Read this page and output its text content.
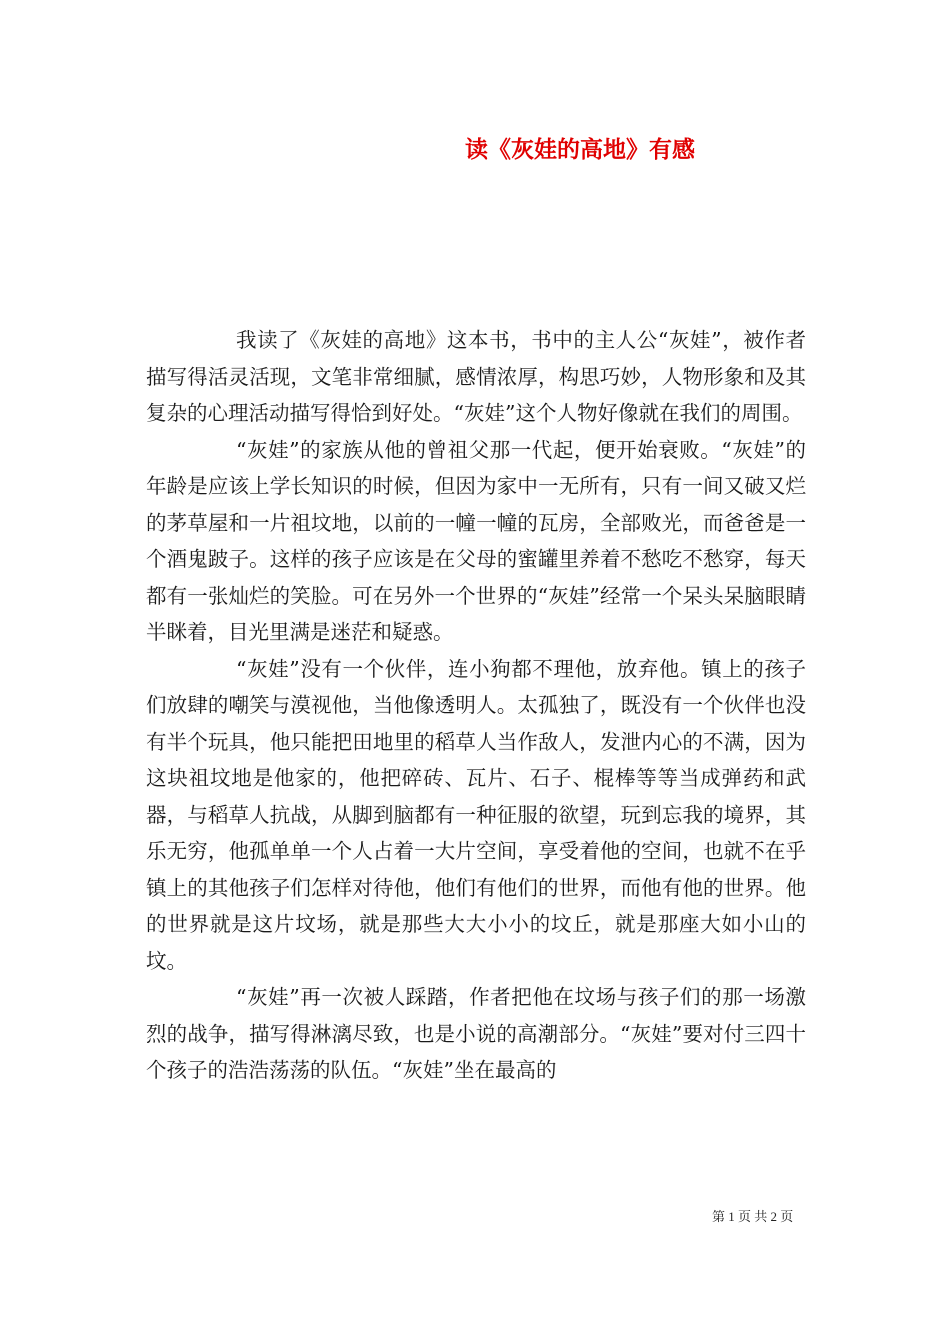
读《灰娃的高地》有感

我读了《灰娃的高地》这本书，书中的主人公“灰娃”，被作者描写得活灵活现，文笔非常细腻，感情浓厚，构思巧妙，人物形象和及其复杂的心理活动描写得恰到好处。“灰娃”这个人物好像就在我们的周围。

“灰娃”的家族从他的曾祖父那一代起，便开始衰败。“灰娃”的年龄是应该上学长知识的时候，但因为家中一无所有，只有一间又破又烂的茅草屋和一片祖坟地，以前的一幢一幢的瓦房，全部败光，而爸爸是一个酒鬼跛子。这样的孩子应该是在父母的蜜罐里养着不愁吃不愁穿，每天都有一张灿烂的笑脸。可在另外一个世界的“灰娃”经常一个呆头呆脑眼睛半眯着，目光里满是迷茫和疑惑。

“灰娃”没有一个伙伴，连小狗都不理他，放弃他。镇上的孩子们放肆的嘲笑与漠视他，当他像透明人。太孤独了，既没有一个伙伴也没有半个玩具，他只能把田地里的稻草人当作敌人，发泄内心的不满，因为这块祖坟地是他家的，他把碎砖、瓦片、石子、棍棒等等当成弹药和武器，与稻草人抗战，从脚到脑都有一种征服的欲望，玩到忘我的境界，其乐无穷，他孤单单一个人占着一大片空间，享受着他的空间，也就不在乎镇上的其他孩子们怎样对待他，他们有他们的世界，而他有他的世界。他的世界就是这片坟场，就是那些大大小小的坟丘，就是那座大如小山的坟。

“灰娃”再一次被人踩踏，作者把他在坟场与孩子们的那一场激烈的战争，描写得淋漓尽致，也是小说的高潮部分。“灰娃”要对付三四十个孩子的浩浩荡荡的队伍。“灰娃”坐在最高的

第 1 页 共 2 页
